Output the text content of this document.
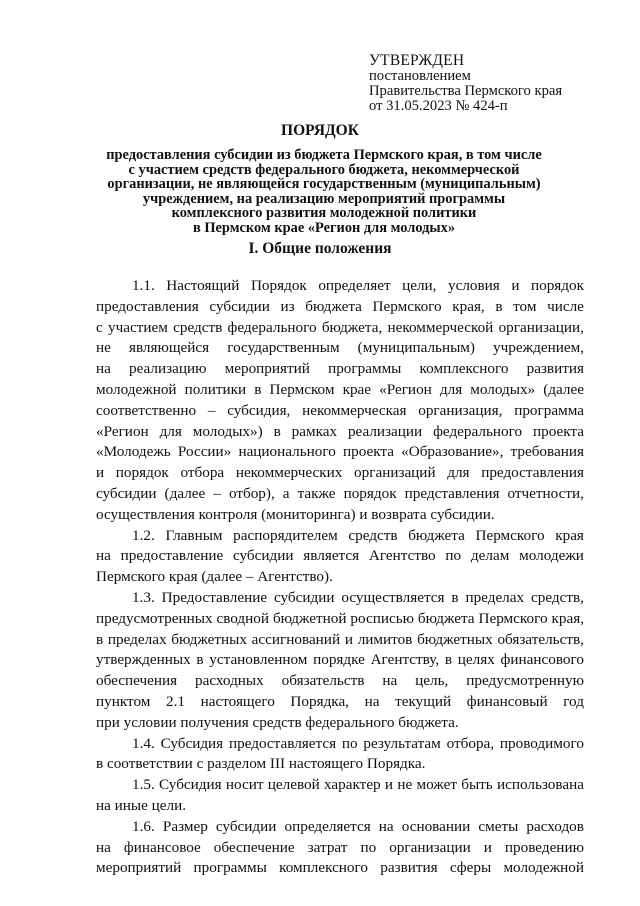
УТВЕРЖДЕН
постановлением
Правительства Пермского края
от 31.05.2023 № 424-п
ПОРЯДОК
предоставления субсидии из бюджета Пермского края, в том числе
с участием средств федерального бюджета, некоммерческой
организации, не являющейся государственным (муниципальным)
учреждением, на реализацию мероприятий программы
комплексного развития молодежной политики
в Пермском крае «Регион для молодых»
I. Общие положения
1.1. Настоящий Порядок определяет цели, условия и порядок
предоставления субсидии из бюджета Пермского края, в том числе
с участием средств федерального бюджета, некоммерческой организации,
не являющейся государственным (муниципальным) учреждением,
на реализацию мероприятий программы комплексного развития
молодежной политики в Пермском крае «Регион для молодых» (далее
соответственно – субсидия, некоммерческая организация, программа
«Регион для молодых») в рамках реализации федерального проекта
«Молодежь России» национального проекта «Образование», требования
и порядок отбора некоммерческих организаций для предоставления
субсидии (далее – отбор), а также порядок представления отчетности,
осуществления контроля (мониторинга) и возврата субсидии.
1.2. Главным распорядителем средств бюджета Пермского края
на предоставление субсидии является Агентство по делам молодежи
Пермского края (далее – Агентство).
1.3. Предоставление субсидии осуществляется в пределах средств,
предусмотренных сводной бюджетной росписью бюджета Пермского края,
в пределах бюджетных ассигнований и лимитов бюджетных обязательств,
утвержденных в установленном порядке Агентству, в целях финансового
обеспечения расходных обязательств на цель, предусмотренную
пунктом 2.1 настоящего Порядка, на текущий финансовый год
при условии получения средств федерального бюджета.
1.4. Субсидия предоставляется по результатам отбора, проводимого
в соответствии с разделом III настоящего Порядка.
1.5. Субсидия носит целевой характер и не может быть использована
на иные цели.
1.6. Размер субсидии определяется на основании сметы расходов
на финансовое обеспечение затрат по организации и проведению
мероприятий программы комплексного развития сферы молодежной
